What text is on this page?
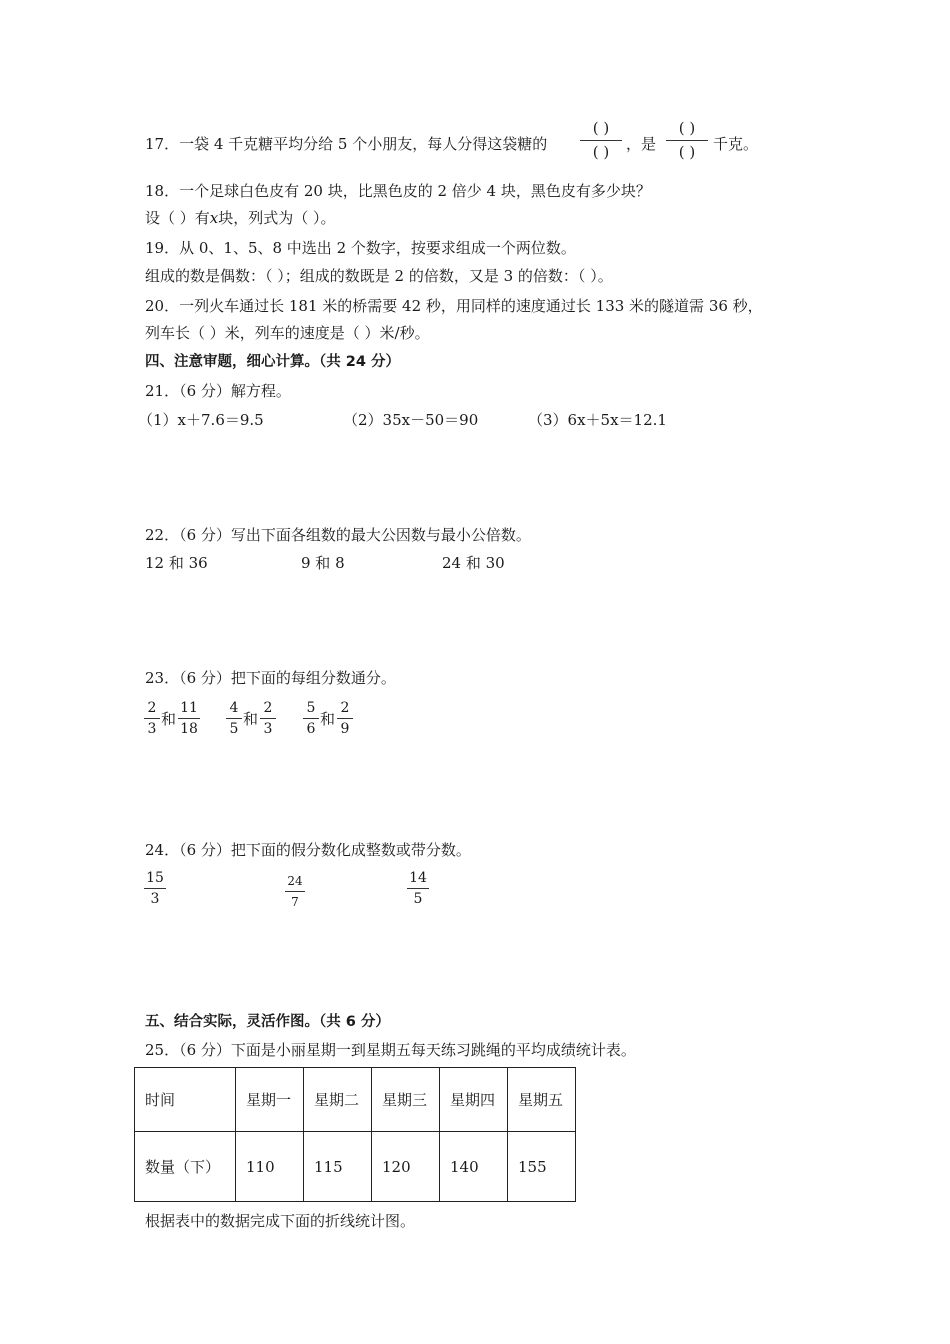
17．一袋 4 千克糖平均分给 5 个小朋友，每人分得这袋糖的
( )
( )	，是
( )
( )	千克。
18．一个足球白色皮有 20 块，比黑色皮的 2 倍少 4 块，黑色皮有多少块？
设（ ）有x块，列式为（ ）。
19．从 0、1、5、8 中选出 2 个数字，按要求组成一个两位数。
组成的数是偶数：（ ）；组成的数既是 2 的倍数，又是 3 的倍数：（ ）。
20．一列火车通过长 181 米的桥需要 42 秒，用同样的速度通过长 133 米的隧道需 36 秒，
列车长（ ）米，列车的速度是（ ）米/秒。
四、注意审题，细心计算。（共 24 分）
21．（6 分）解方程。
（1）x＋7.6＝9.5	（2）35x－50＝90	（3）6x＋5x＝12.1
22．（6 分）写出下面各组数的最大公因数与最小公倍数。
12 和 36	9 和 8	24 和 30
23．（6 分）把下面的每组分数通分。
2
3
和
11
18
4
5
和
2
3
5
6
和
2
9
24．（6 分）把下面的假分数化成整数或带分数。
15
3
24
7
14
5
五、结合实际，灵活作图。（共 6 分）
25．（6 分）下面是小丽星期一到星期五每天练习跳绳的平均成绩统计表。
时间	星期一	星期二	星期三	星期四	星期五
数量（下）	110	115	120	140	155
根据表中的数据完成下面的折线统计图。
